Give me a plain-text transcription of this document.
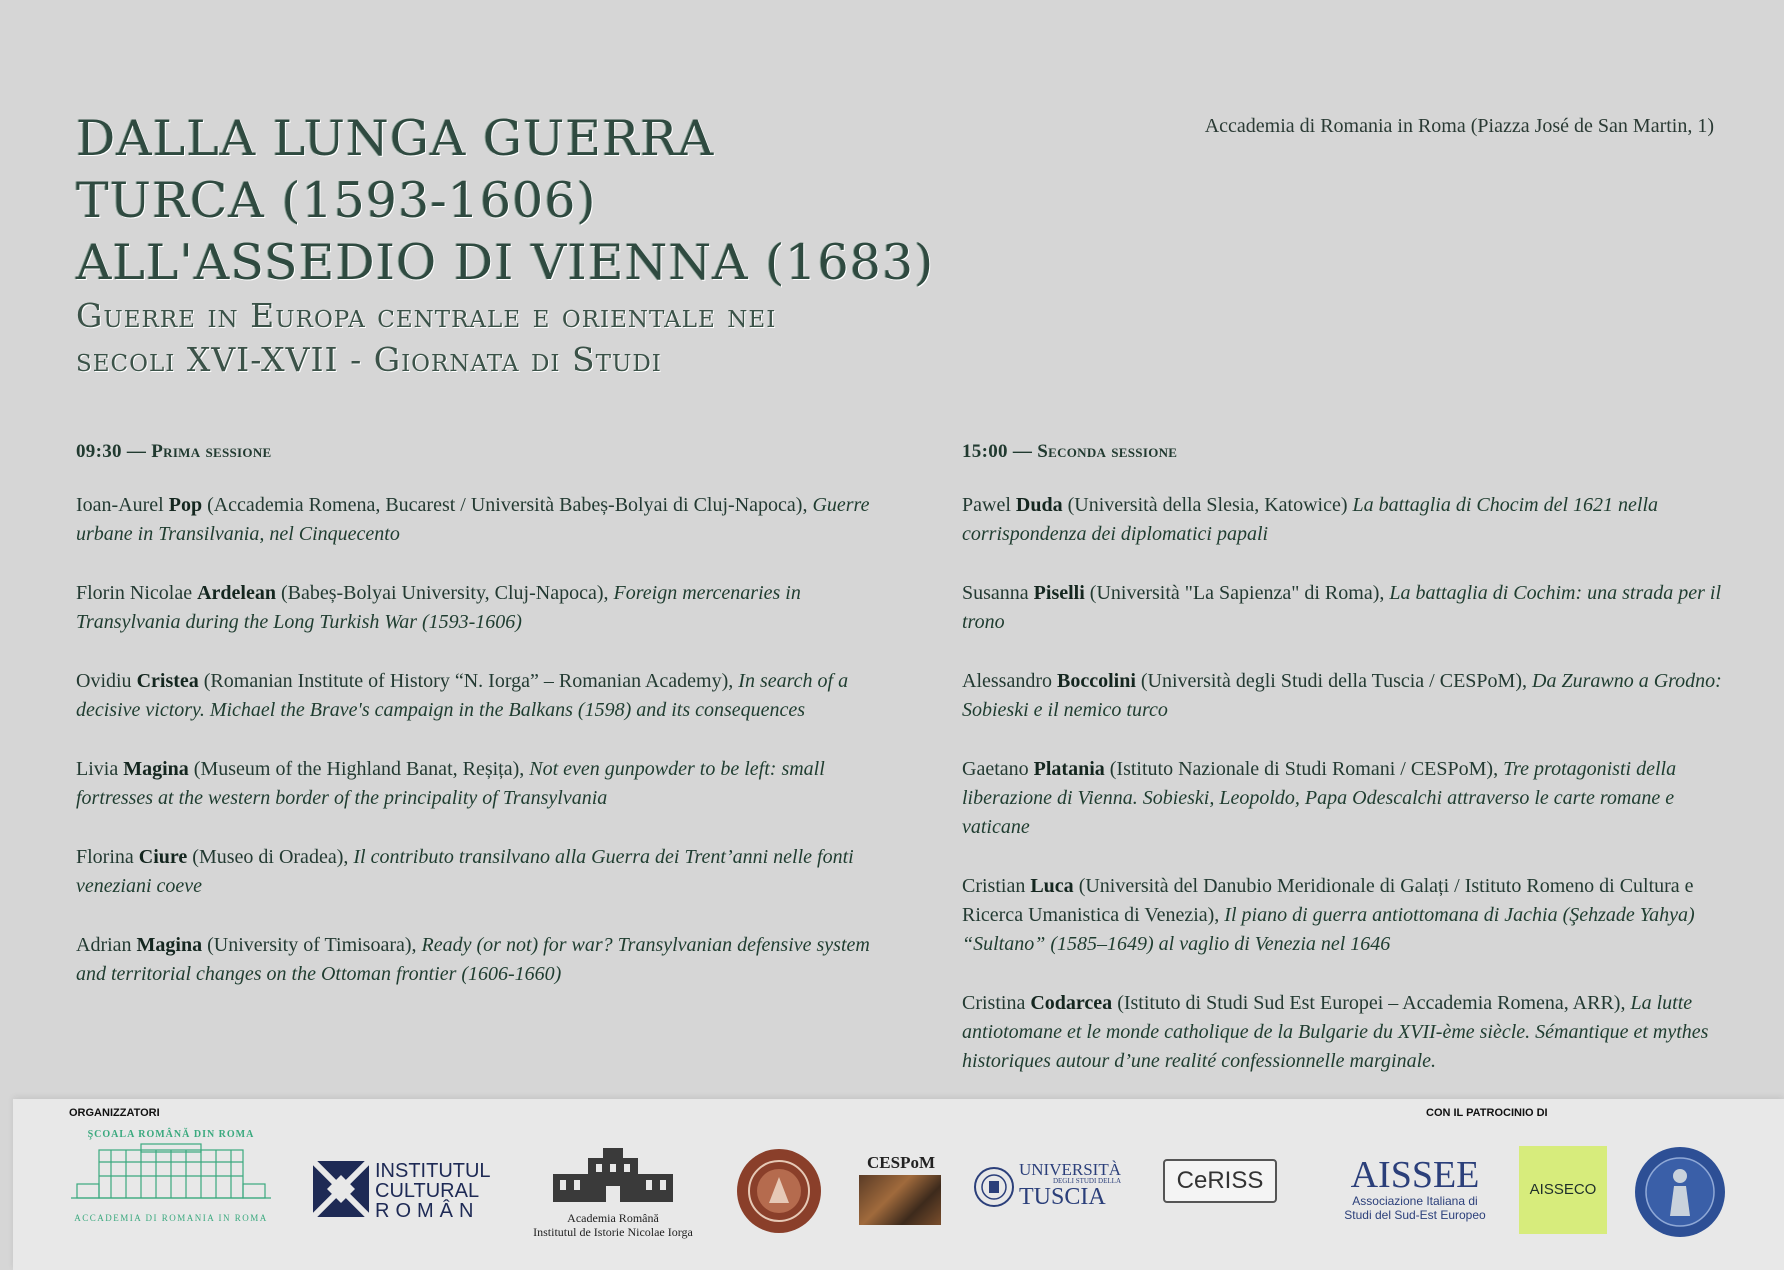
DALLA LUNGA GUERRA
TURCA (1593-1606)
ALL'ASSEDIO DI VIENNA (1683)
Guerre in Europa centrale e orientale nei
secoli XVI-XVII - Giornata di Studi
Accademia di Romania in Roma (Piazza José de San Martin, 1)
09:30 — Prima sessione
Ioan-Aurel Pop (Accademia Romena, Bucarest / Università Babeș-Bolyai di Cluj-Napoca), Guerre urbane in Transilvania, nel Cinquecento
Florin Nicolae Ardelean (Babeș-Bolyai University, Cluj-Napoca), Foreign mercenaries in Transylvania during the Long Turkish War (1593-1606)
Ovidiu Cristea (Romanian Institute of History “N. Iorga” – Romanian Academy), In search of a decisive victory. Michael the Brave's campaign in the Balkans (1598) and its consequences
Livia Magina (Museum of the Highland Banat, Reșița), Not even gunpowder to be left: small fortresses at the western border of the principality of Transylvania
Florina Ciure (Museo di Oradea), Il contributo transilvano alla Guerra dei Trent’anni nelle fonti veneziani coeve
Adrian Magina (University of Timisoara), Ready (or not) for war? Transylvanian defensive system and territorial changes on the Ottoman frontier (1606-1660)
15:00 — Seconda sessione
Pawel Duda (Università della Slesia, Katowice) La battaglia di Chocim del 1621 nella corrispondenza dei diplomatici papali
Susanna Piselli (Università "La Sapienza" di Roma), La battaglia di Cochim: una strada per il trono
Alessandro Boccolini (Università degli Studi della Tuscia / CESPoM), Da Zurawno a Grodno: Sobieski e il nemico turco
Gaetano Platania (Istituto Nazionale di Studi Romani / CESPoM), Tre protagonisti della liberazione di Vienna. Sobieski, Leopoldo, Papa Odescalchi attraverso le carte romane e vaticane
Cristian Luca (Università del Danubio Meridionale di Galați / Istituto Romeno di Cultura e Ricerca Umanistica di Venezia), Il piano di guerra antiottomana di Jachia (Şehzade Yahya) “Sultano” (1585–1649) al vaglio di Venezia nel 1646
Cristina Codarcea (Istituto di Studi Sud Est Europei – Accademia Romena, ARR), La lutte antiotomane et le monde catholique de la Bulgarie du XVII-ème siècle. Sémantique et mythes historiques autour d’une realité confessionnelle marginale.
ORGANIZZATORI	CON IL PATROCINIO DI
ŞCOALA ROMÂNĂ DIN ROMA
ACCADEMIA DI ROMANIA IN ROMA
INSTITUTUL
CULTURAL
ROMÂN	Academia Română
Institutul de Istorie Nicolae Iorga
CESPoM	UNIVERSITÀ
DEGLI STUDI DELLA
TUSCIA
CeRISS	AISSEE
Associazione Italiana di
Studi del Sud-Est Europeo
AISSECO
